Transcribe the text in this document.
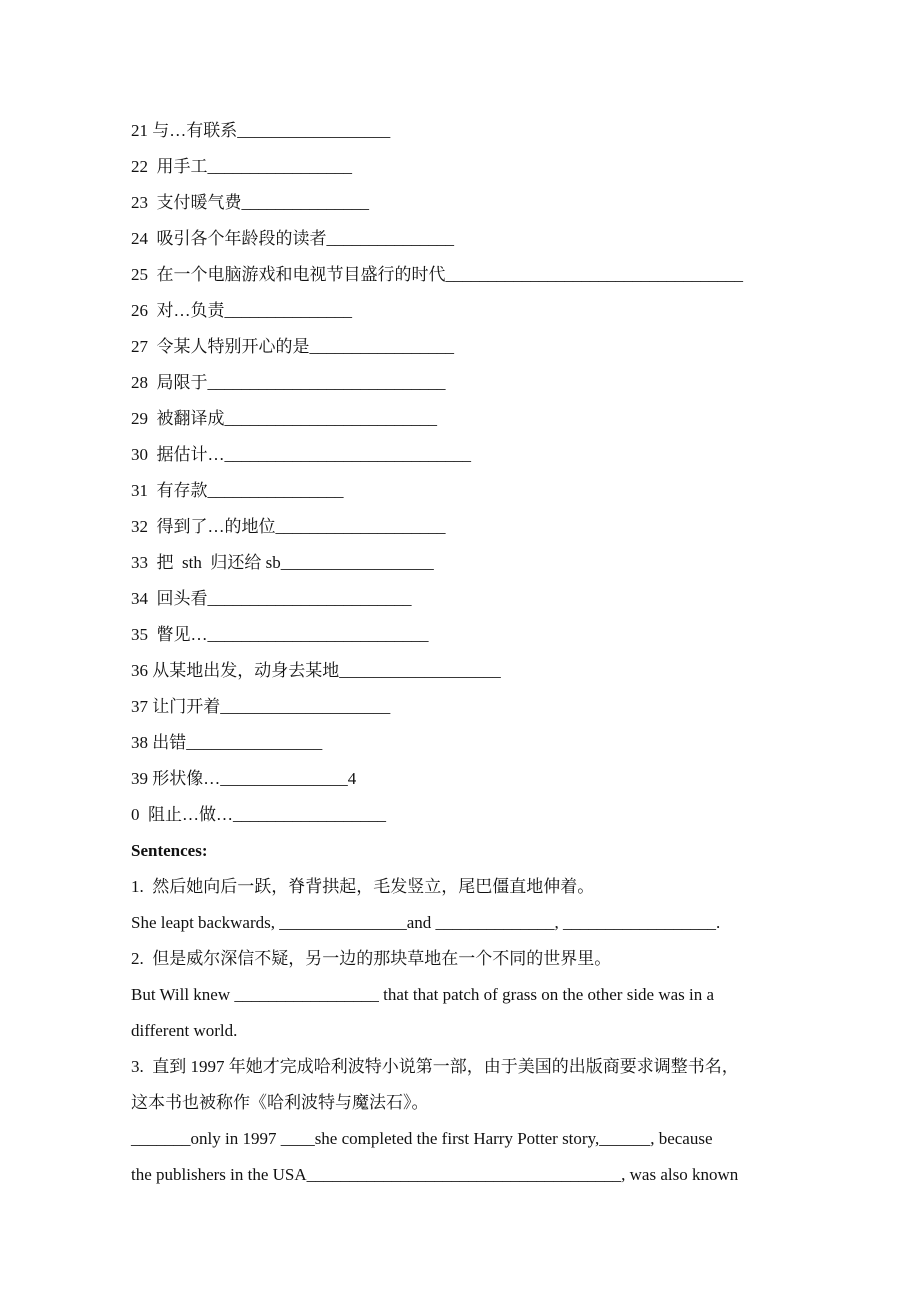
21 与…有联系__________________
22  用手工_________________
23  支付暖气费_______________
24  吸引各个年龄段的读者_______________
25  在一个电脑游戏和电视节目盛行的时代___________________________________
26  对…负责_______________
27  令某人特别开心的是_________________
28  局限于____________________________
29  被翻译成_________________________
30  据估计…_____________________________
31  有存款________________
32  得到了…的地位____________________
33  把  sth  归还给 sb__________________
34  回头看________________________
35  瞥见…__________________________
36 从某地出发，动身去某地___________________
37 让门开着____________________
38 出错________________
39 形状像…_______________4
0  阻止…做…__________________
Sentences:
1.  然后她向后一跃，脊背拱起，毛发竖立，尾巴僵直地伸着。
She leapt backwards, _______________and ______________, __________________.
2.  但是威尔深信不疑，另一边的那块草地在一个不同的世界里。
But Will knew _________________ that that patch of grass on the other side was in a
different world.
3.  直到 1997 年她才完成哈利波特小说第一部，由于美国的出版商要求调整书名，
这本书也被称作《哈利波特与魔法石》。
_______only in 1997 ____she completed the first Harry Potter story,______, because
the publishers in the USA_____________________________________, was also known
